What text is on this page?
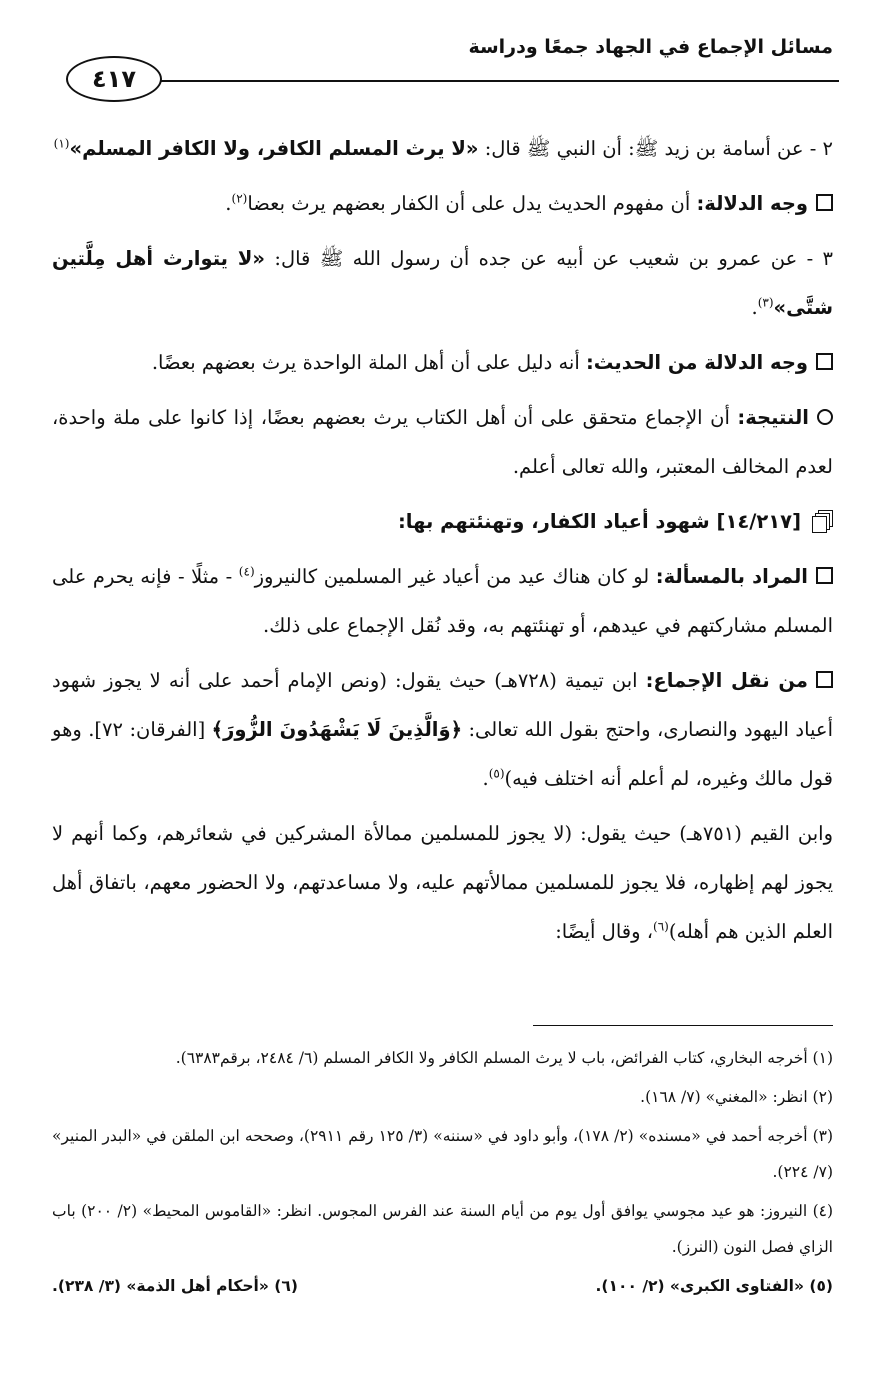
مسائل الإجماع في الجهاد جمعًا ودراسة
٤١٧

٢ - عن أسامة بن زيد ﷺ: أن النبي ﷺ قال: «لا يرث المسلم الكافر، ولا الكافر المسلم»$^{(١)}$

وجه الدلالة: أن مفهوم الحديث يدل على أن الكفار بعضهم يرث بعضا$^{(٢)}$.

٣ - عن عمرو بن شعيب عن أبيه عن جده أن رسول الله ﷺ قال: «لا يتوارث أهل مِلَّتين شتَّى»$^{(٣)}$.

وجه الدلالة من الحديث: أنه دليل على أن أهل الملة الواحدة يرث بعضهم بعضًا.

النتيجة: أن الإجماع متحقق على أن أهل الكتاب يرث بعضهم بعضًا، إذا كانوا على ملة واحدة، لعدم المخالف المعتبر، والله تعالى أعلم.

[١٤/٢١٧] شهود أعياد الكفار، وتهنئتهم بها:

المراد بالمسألة: لو كان هناك عيد من أعياد غير المسلمين كالنيروز$^{(٤)}$ - مثلًا - فإنه يحرم على المسلم مشاركتهم في عيدهم، أو تهنئتهم به، وقد نُقل الإجماع على ذلك.

من نقل الإجماع: ابن تيمية (٧٢٨هـ) حيث يقول: (ونص الإمام أحمد على أنه لا يجوز شهود أعياد اليهود والنصارى، واحتج بقول الله تعالى: ﴿وَالَّذِينَ لَا يَشْهَدُونَ الزُّورَ﴾ [الفرقان: ٧٢]. وهو قول مالك وغيره، لم أعلم أنه اختلف فيه)$^{(٥)}$.

وابن القيم (٧٥١هـ) حيث يقول: (لا يجوز للمسلمين ممالأة المشركين في شعائرهم، وكما أنهم لا يجوز لهم إظهاره، فلا يجوز للمسلمين ممالأتهم عليه، ولا مساعدتهم، ولا الحضور معهم، باتفاق أهل العلم الذين هم أهله)$^{(٦)}$، وقال أيضًا:

(١) أخرجه البخاري، كتاب الفرائض، باب لا يرث المسلم الكافر ولا الكافر المسلم (٦/ ٢٤٨٤، برقم٦٣٨٣).

(٢) انظر: «المغني» (٧/ ١٦٨).

(٣) أخرجه أحمد في «مسنده» (٢/ ١٧٨)، وأبو داود في «سننه» (٣/ ١٢٥ رقم ٢٩١١)، وصححه ابن الملقن في «البدر المنير» (٧/ ٢٢٤).

(٤) النيروز: هو عيد مجوسي يوافق أول يوم من أيام السنة عند الفرس المجوس. انظر: «القاموس المحيط» (٢/ ٢٠٠) باب الزاي فصل النون (النرز).

(٥) «الفتاوى الكبرى» (٢/ ١٠٠).
(٦) «أحكام أهل الذمة» (٣/ ٢٣٨).
